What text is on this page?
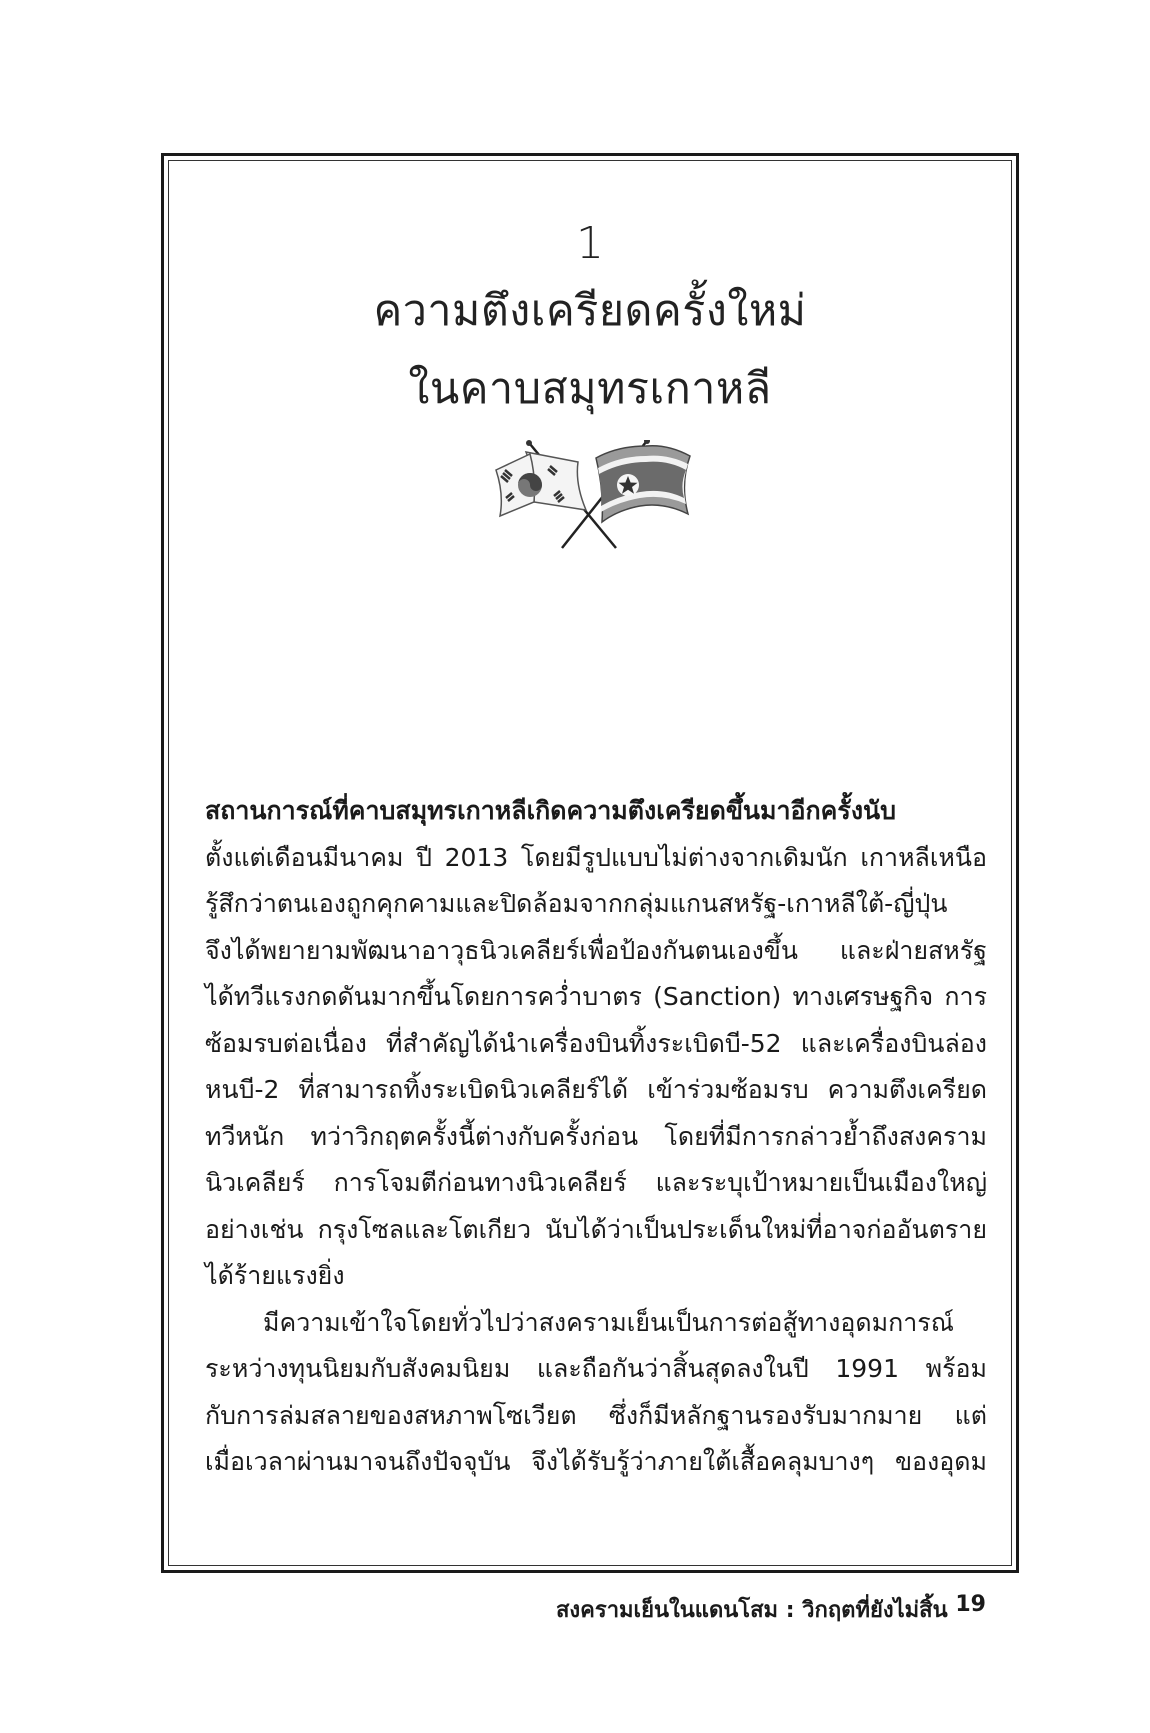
1
ความตึงเครียดครั้งใหม่
ในคาบสมุทรเกาหลี
สถานการณ์ที่คาบสมุทรเกาหลีเกิดความตึงเครียดขึ้นมาอีกครั้งนับ
ตั้งแต่เดือนมีนาคม ปี 2013 โดยมีรูปแบบไม่ต่างจากเดิมนัก เกาหลีเหนือ
รู้สึกว่าตนเองถูกคุกคามและปิดล้อมจากกลุ่มแกนสหรัฐ-เกาหลีใต้-ญี่ปุ่น
จึงได้พยายามพัฒนาอาวุธนิวเคลียร์เพื่อป้องกันตนเองขึ้น และฝ่ายสหรัฐ
ได้ทวีแรงกดดันมากขึ้นโดยการคว่ำบาตร (Sanction) ทางเศรษฐกิจ การ
ซ้อมรบต่อเนื่อง ที่สำคัญได้นำเครื่องบินทิ้งระเบิดบี-52 และเครื่องบินล่อง
หนบี-2 ที่สามารถทิ้งระเบิดนิวเคลียร์ได้ เข้าร่วมซ้อมรบ ความตึงเครียด
ทวีหนัก ทว่าวิกฤตครั้งนี้ต่างกับครั้งก่อน โดยที่มีการกล่าวย้ำถึงสงคราม
นิวเคลียร์ การโจมตีก่อนทางนิวเคลียร์ และระบุเป้าหมายเป็นเมืองใหญ่
อย่างเช่น กรุงโซลและโตเกียว นับได้ว่าเป็นประเด็นใหม่ที่อาจก่ออันตราย
ได้ร้ายแรงยิ่ง
มีความเข้าใจโดยทั่วไปว่าสงครามเย็นเป็นการต่อสู้ทางอุดมการณ์
ระหว่างทุนนิยมกับสังคมนิยม และถือกันว่าสิ้นสุดลงในปี 1991 พร้อม
กับการล่มสลายของสหภาพโซเวียต ซึ่งก็มีหลักฐานรองรับมากมาย แต่
เมื่อเวลาผ่านมาจนถึงปัจจุบัน จึงได้รับรู้ว่าภายใต้เสื้อคลุมบางๆ ของอุดม
สงครามเย็นในแดนโสม : วิกฤตที่ยังไม่สิ้น 19
